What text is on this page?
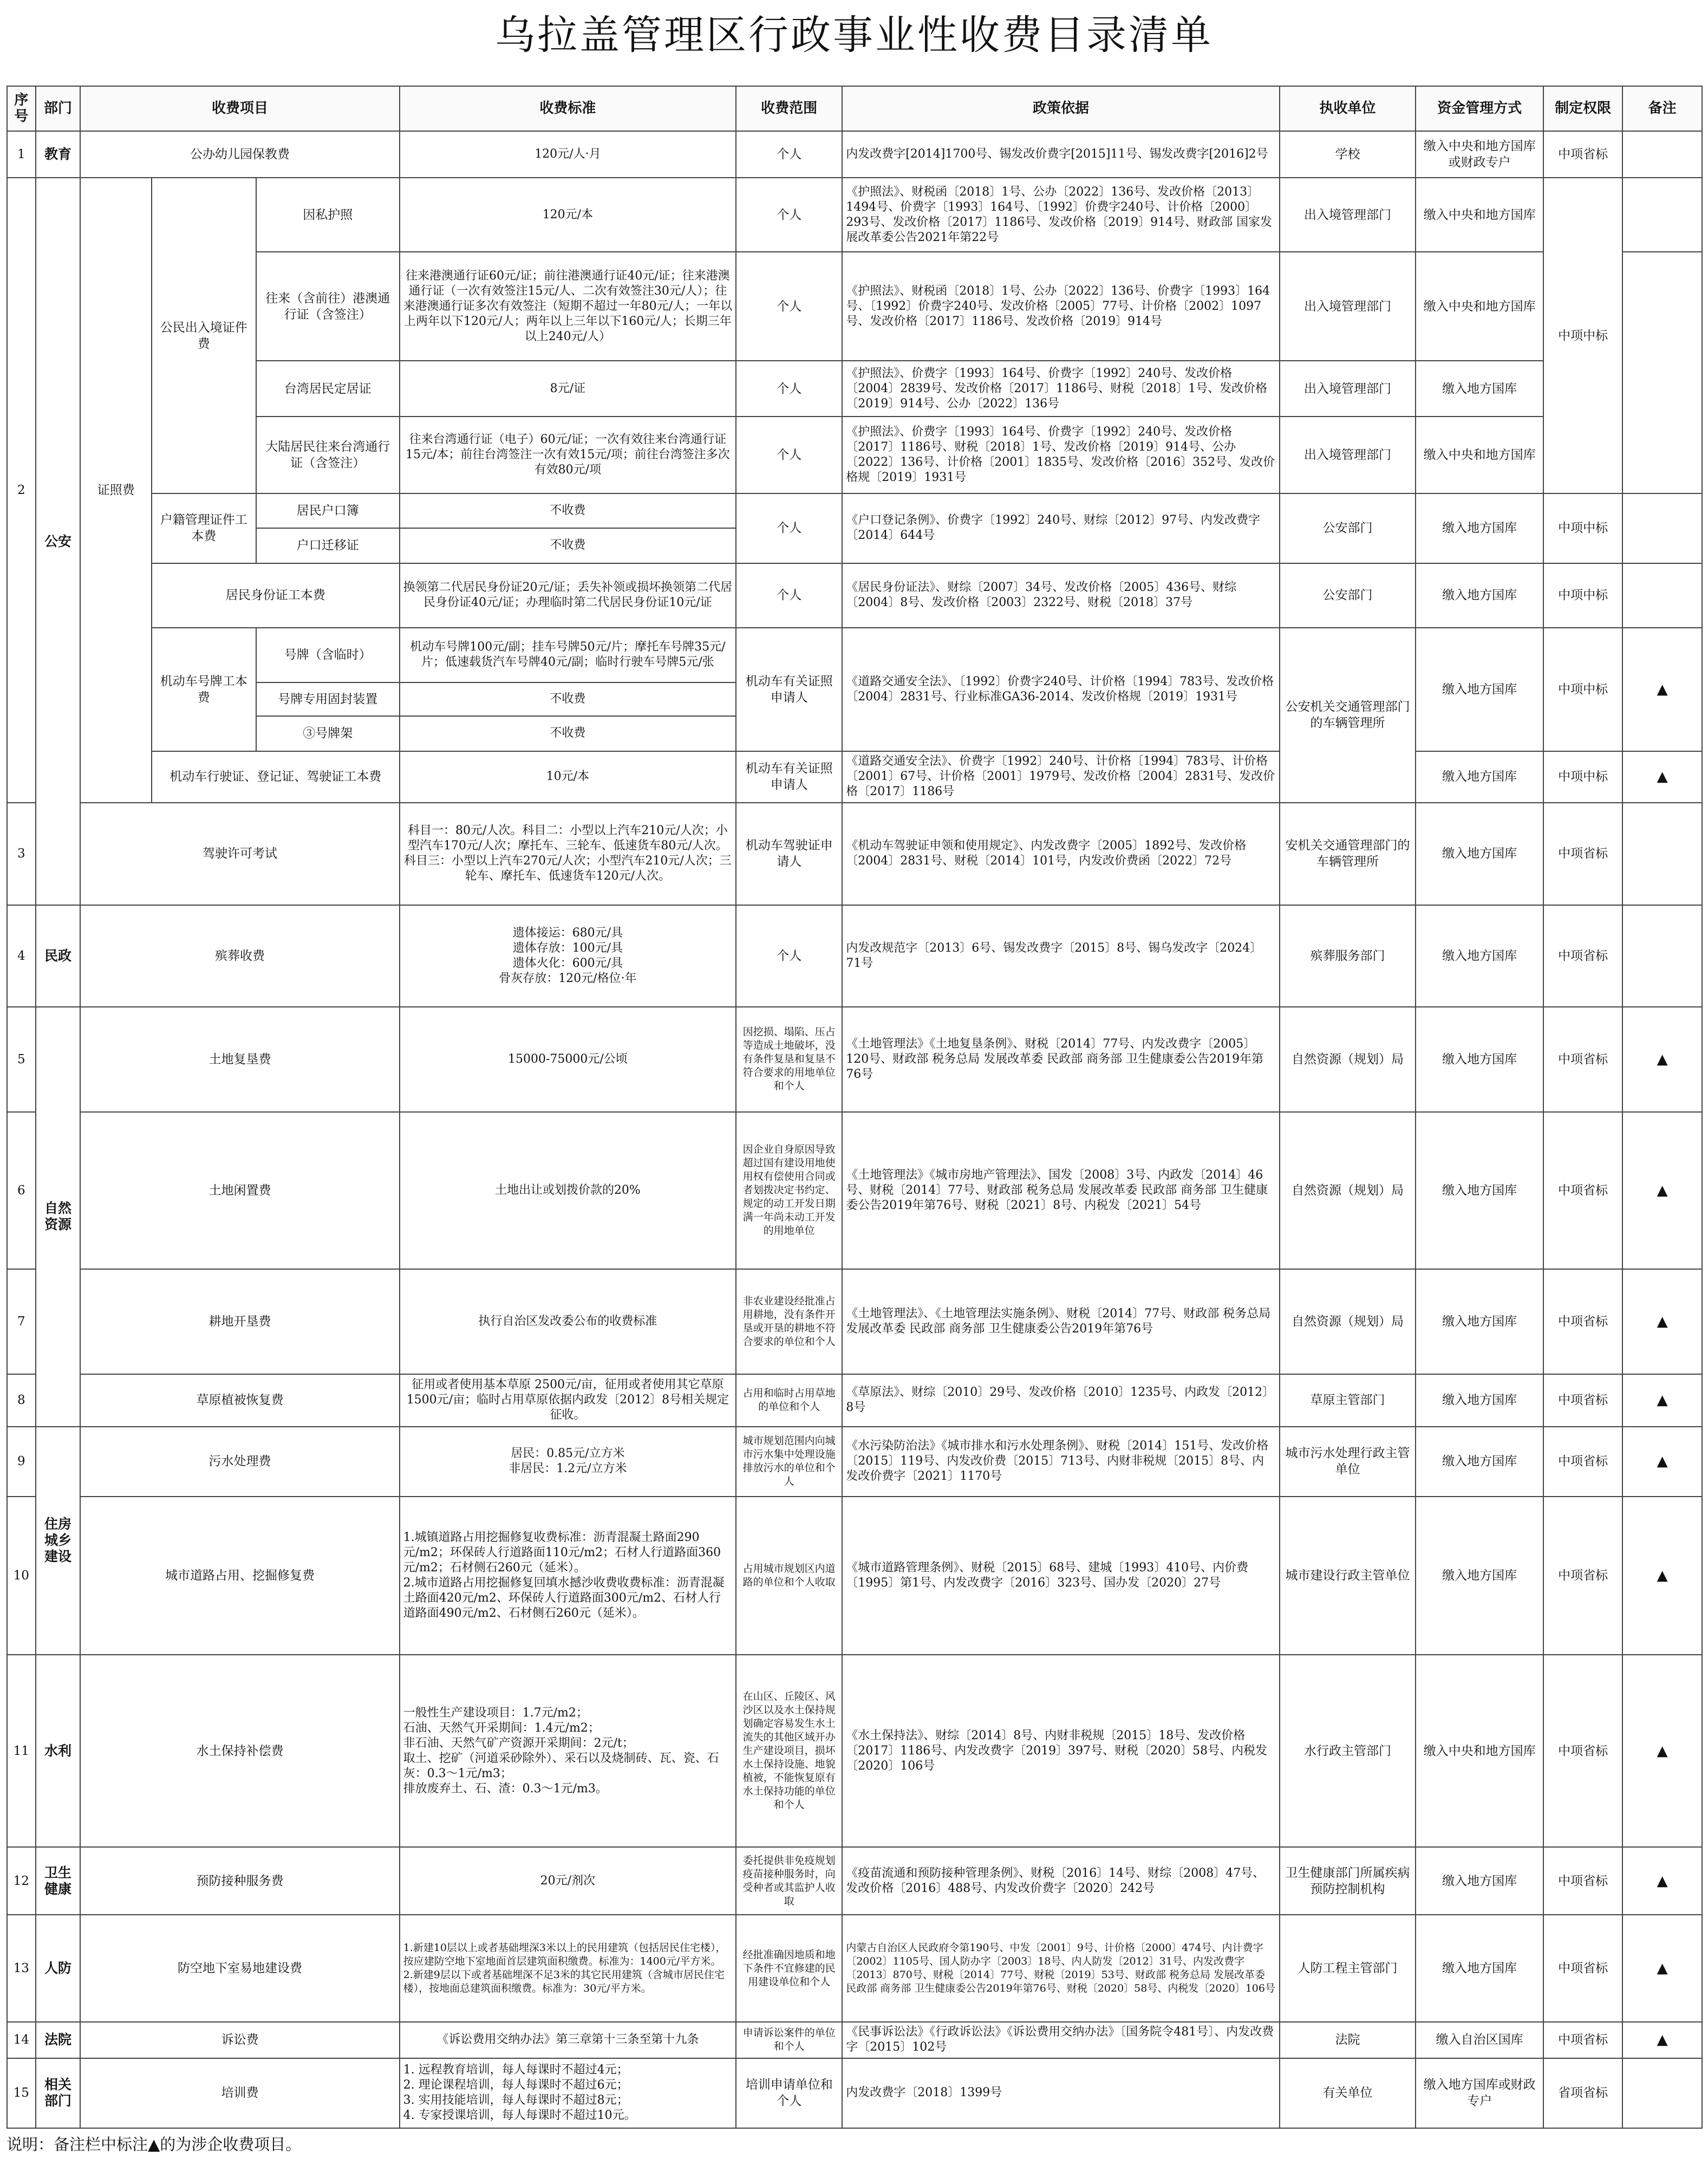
乌拉盖管理区行政事业性收费目录清单
序号	部门	收费项目			收费标准	收费范围	政策依据	执收单位	资金管理方式	制定权限	备注
1	教育	公办幼儿园保教费			120元/人·月	个人	内发改费字[2014]1700号、锡发改价费字[2015]11号、锡发改费字[2016]2号	学校	缴入中央和地方国库
或财政专户	中项省标	
2	公安	证照费	公民出入境证件费	因私护照	120元/本	个人	《护照法》、财税函〔2018〕1号、公办〔2022〕136号、发改价格〔2013〕1494号、价费字〔1993〕164号、〔1992〕价费字240号、计价格〔2000〕293号、发改价格〔2017〕1186号、发改价格〔2019〕914号、财政部 国家发展改革委公告2021年第22号	出入境管理部门	缴入中央和地方国库	中项中标	
				往来（含前往）港澳通行证（含签注）	往来港澳通行证60元/证；前往港澳通行证40元/证；往来港澳通行证（一次有效签注15元/人、二次有效签注30元/人）；往来港澳通行证多次有效签注（短期不超过一年80元/人；一年以上两年以下120元/人；两年以上三年以下160元/人；长期三年以上240元/人）	个人	《护照法》、财税函〔2018〕1号、公办〔2022〕136号、价费字〔1993〕164号、〔1992〕价费字240号、发改价格〔2005〕77号、计价格〔2002〕1097号、发改价格〔2017〕1186号、发改价格〔2019〕914号	出入境管理部门	缴入中央和地方国库		
				台湾居民定居证	8元/证	个人	《护照法》、价费字〔1993〕164号、价费字〔1992〕240号、发改价格〔2004〕2839号、发改价格〔2017〕1186号、财税〔2018〕1号、发改价格〔2019〕914号、公办〔2022〕136号	出入境管理部门	缴入地方国库		
				大陆居民往来台湾通行证（含签注）	往来台湾通行证（电子）60元/证；一次有效往来台湾通行证15元/本；前往台湾签注一次有效15元/项；前往台湾签注多次有效80元/项	个人	《护照法》、价费字〔1993〕164号、价费字〔1992〕240号、发改价格〔2017〕1186号、财税〔2018〕1号、发改价格〔2019〕914号、公办〔2022〕136号、计价格〔2001〕1835号、发改价格〔2016〕352号、发改价格规〔2019〕1931号	出入境管理部门	缴入中央和地方国库		
			户籍管理证件工本费	居民户口簿	不收费	个人	《户口登记条例》、价费字〔1992〕240号、财综〔2012〕97号、内发改费字〔2014〕644号	公安部门	缴入地方国库	中项中标	
				户口迁移证	不收费						
			居民身份证工本费		换领第二代居民身份证20元/证；丢失补领或损坏换领第二代居民身份证40元/证；办理临时第二代居民身份证10元/证	个人	《居民身份证法》、财综〔2007〕34号、发改价格〔2005〕436号、财综〔2004〕8号、发改价格〔2003〕2322号、财税〔2018〕37号	公安部门	缴入地方国库	中项中标	
			机动车号牌工本费	号牌（含临时）	机动车号牌100元/副；挂车号牌50元/片；摩托车号牌35元/片；低速载货汽车号牌40元/副；临时行驶车号牌5元/张	机动车有关证照申请人	《道路交通安全法》、〔1992〕价费字240号、计价格〔1994〕783号、发改价格〔2004〕2831号、行业标准GA36-2014、发改价格规〔2019〕1931号	公安机关交通管理部门的车辆管理所	缴入地方国库	中项中标	▲
				号牌专用固封装置	不收费						
				③号牌架	不收费						
			机动车行驶证、登记证、驾驶证工本费		10元/本	机动车有关证照申请人	《道路交通安全法》、价费字〔1992〕240号、计价格〔1994〕783号、计价格〔2001〕67号、计价格〔2001〕1979号、发改价格〔2004〕2831号、发改价格〔2017〕1186号		缴入地方国库	中项中标	▲
3		驾驶许可考试			科目一：80元/人次。科目二：小型以上汽车210元/人次；小型汽车170元/人次；摩托车、三轮车、低速货车80元/人次。科目三：小型以上汽车270元/人次；小型汽车210元/人次；三轮车、摩托车、低速货车120元/人次。	机动车驾驶证申请人	《机动车驾驶证申领和使用规定》、内发改费字〔2005〕1892号、发改价格〔2004〕2831号、财税〔2014〕101号，内发改价费函〔2022〕72号	安机关交通管理部门的车辆管理所	缴入地方国库	中项省标	
4	民政	殡葬收费			遗体接运：680元/具
遗体存放：100元/具
遗体火化：600元/具
骨灰存放：120元/格位·年	个人	内发改规范字〔2013〕6号、锡发改费字〔2015〕8号、锡乌发改字〔2024〕71号	殡葬服务部门	缴入地方国库	中项省标	
5	自然资源	土地复垦费			15000-75000元/公顷	因挖损、塌陷、压占等造成土地破坏，没有条件复垦和复垦不符合要求的用地单位和个人	《土地管理法》《土地复垦条例》、财税〔2014〕77号、内发改费字〔2005〕120号、财政部 税务总局 发展改革委 民政部 商务部 卫生健康委公告2019年第76号	自然资源（规划）局	缴入地方国库	中项省标	▲
6		土地闲置费			土地出让或划拨价款的20%	因企业自身原因导致超过国有建设用地使用权有偿使用合同或者划拨决定书约定、规定的动工开发日期满一年尚未动工开发的用地单位	《土地管理法》《城市房地产管理法》、国发〔2008〕3号、内政发〔2014〕46号、财税〔2014〕77号、财政部 税务总局 发展改革委 民政部 商务部 卫生健康委公告2019年第76号、财税〔2021〕8号、内税发〔2021〕54号	自然资源（规划）局	缴入地方国库	中项省标	▲
7		耕地开垦费			执行自治区发改委公布的收费标准	非农业建设经批准占用耕地，没有条件开垦或开垦的耕地不符合要求的单位和个人	《土地管理法》、《土地管理法实施条例》、财税〔2014〕77号、财政部 税务总局 发展改革委 民政部 商务部 卫生健康委公告2019年第76号	自然资源（规划）局	缴入地方国库	中项省标	▲
8		草原植被恢复费			征用或者使用基本草原 2500元/亩，征用或者使用其它草原1500元/亩；临时占用草原依据内政发〔2012〕8号相关规定征收。	占用和临时占用草地的单位和个人	《草原法》、财综〔2010〕29号、发改价格〔2010〕1235号、内政发〔2012〕8号	草原主管部门	缴入地方国库	中项省标	▲
9	住房城乡建设	污水处理费			居民：0.85元/立方米
非居民：1.2元/立方米	城市规划范围内向城市污水集中处理设施排放污水的单位和个人	《水污染防治法》《城市排水和污水处理条例》、财税〔2014〕151号、发改价格〔2015〕119号、内发改价费〔2015〕713号、内财非税规〔2015〕8号、内发改价费字〔2021〕1170号	城市污水处理行政主管单位	缴入地方国库	中项省标	▲
10		城市道路占用、挖掘修复费			1.城镇道路占用挖掘修复收费标准：沥青混凝土路面290元/m2；环保砖人行道路面110元/m2；石材人行道路面360元/m2；石材侧石260元（延米）。
2.城市道路占用挖掘修复回填水撼沙收费收费标准：沥青混凝土路面420元/m2、环保砖人行道路面300元/m2、石材人行道路面490元/m2、石材侧石260元（延米）。	占用城市规划区内道路的单位和个人收取	《城市道路管理条例》、财税〔2015〕68号、建城〔1993〕410号、内价费〔1995〕第1号、内发改费字〔2016〕323号、国办发〔2020〕27号	城市建设行政主管单位	缴入地方国库	中项省标	▲
11	水利	水土保持补偿费			一般性生产建设项目：1.7元/m2；
石油、天然气开采期间：1.4元/m2；
非石油、天然气矿产资源开采期间：2元/t；
取土、挖矿（河道采砂除外）、采石以及烧制砖、瓦、瓷、石灰：0.3～1元/m3；
排放废弃土、石、渣：0.3～1元/m3。	在山区、丘陵区、风沙区以及水土保持规划确定容易发生水土流失的其他区域开办生产建设项目，损坏水土保持设施、地貌植被，不能恢复原有水土保持功能的单位和个人	《水土保持法》、财综〔2014〕8号、内财非税规〔2015〕18号、发改价格〔2017〕1186号、内发改费字〔2019〕397号、财税〔2020〕58号、内税发〔2020〕106号	水行政主管部门	缴入中央和地方国库	中项省标	▲
12	卫生健康	预防接种服务费			20元/剂次	委托提供非免疫规划疫苗接种服务时，向受种者或其监护人收取	《疫苗流通和预防接种管理条例》、财税〔2016〕14号、财综〔2008〕47号、发改价格〔2016〕488号、内发改价费字〔2020〕242号	卫生健康部门所属疾病预防控制机构	缴入地方国库	中项省标	▲
13	人防	防空地下室易地建设费			1.新建10层以上或者基础埋深3米以上的民用建筑（包括居民住宅楼），按应建防空地下室地面首层建筑面积缴费。标准为：1400元/平方米。
2.新建9层以下或者基础埋深不足3米的其它民用建筑（含城市居民住宅楼），按地面总建筑面积缴费。标准为：30元/平方米。	经批准确因地质和地下条件不宜修建的民用建设单位和个人	内蒙古自治区人民政府令第190号、中发〔2001〕9号、计价格〔2000〕474号、内计费字〔2002〕1105号、国人防办字〔2003〕18号、内人防发〔2012〕31号、内发改费字〔2013〕870号、财税〔2014〕77号、财税〔2019〕53号、财政部 税务总局 发展改革委 民政部 商务部 卫生健康委公告2019年第76号、财税〔2020〕58号、内税发〔2020〕106号	人防工程主管部门	缴入地方国库	中项省标	▲
14	法院	诉讼费			《诉讼费用交纳办法》第三章第十三条至第十九条	申请诉讼案件的单位和个人	《民事诉讼法》《行政诉讼法》《诉讼费用交纳办法》〔国务院令481号〕、内发改费字〔2015〕102号	法院	缴入自治区国库	中项省标	▲
15	相关部门	培训费			1. 远程教育培训，每人每课时不超过4元；
2. 理论课程培训，每人每课时不超过6元；
3. 实用技能培训，每人每课时不超过8元；
4. 专家授课培训，每人每课时不超过10元。	培训申请单位和个人	内发改费字〔2018〕1399号	有关单位	缴入地方国库或财政专户	省项省标	
说明：备注栏中标注▲的为涉企收费项目。
